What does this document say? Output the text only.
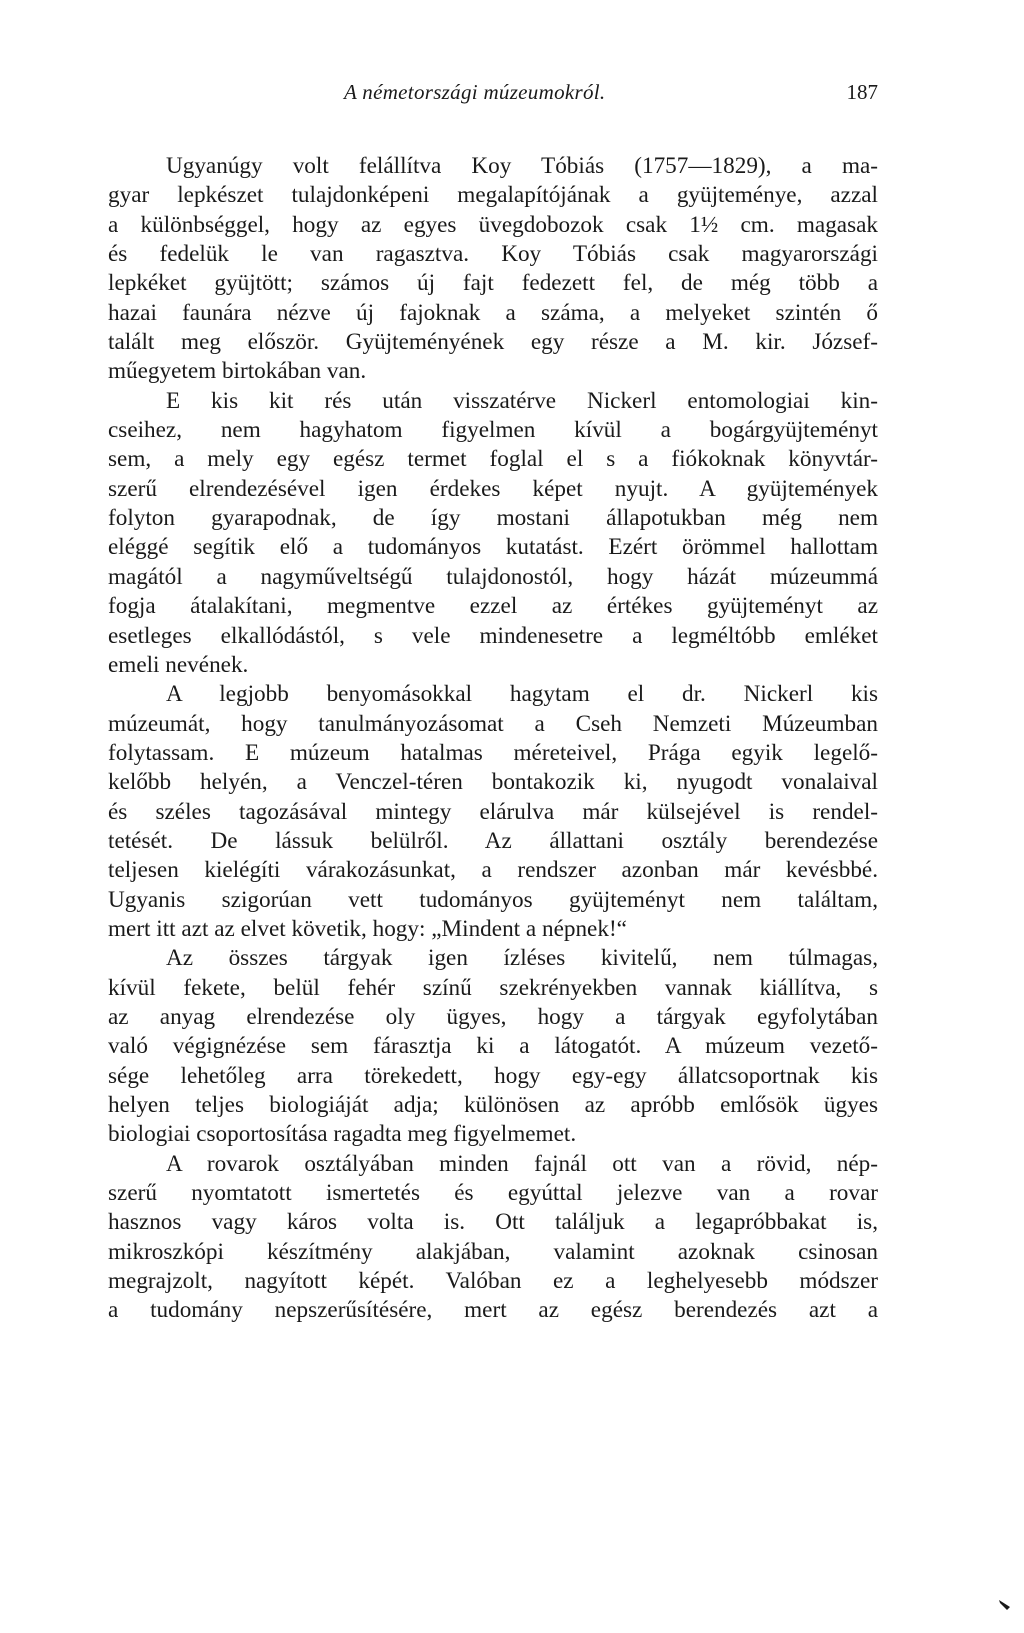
A németországi múzeumokról.	187

Ugyanúgy volt felállítva Koy Tóbiás (1757—1829), a ma-
gyar lepkészet tulajdonképeni megalapítójának a gyüjteménye, azzal
a különbséggel, hogy az egyes üvegdobozok csak 1½ cm. magasak
és fedelük le van ragasztva. Koy Tóbiás csak magyarországi
lepkéket gyüjtött; számos új fajt fedezett fel, de még több a
hazai faunára nézve új fajoknak a száma, a melyeket szintén ő
talált meg először. Gyüjteményének egy része a M. kir. József-
műegyetem birtokában van.

E kis kit rés után visszatérve Nickerl entomologiai kin-
cseihez, nem hagyhatom figyelmen kívül a bogárgyüjteményt
sem, a mely egy egész termet foglal el s a fiókoknak könyvtár-
szerű elrendezésével igen érdekes képet nyujt. A gyüjtemények
folyton gyarapodnak, de így mostani állapotukban még nem
eléggé segítik elő a tudományos kutatást. Ezért örömmel hallottam
magától a nagyműveltségű tulajdonostól, hogy házát múzeummá
fogja átalakítani, megmentve ezzel az értékes gyüjteményt az
esetleges elkallódástól, s vele mindenesetre a legméltóbb emléket
emeli nevének.

A legjobb benyomásokkal hagytam el dr. Nickerl kis
múzeumát, hogy tanulmányozásomat a Cseh Nemzeti Múzeumban
folytassam. E múzeum hatalmas méreteivel, Prága egyik legelő-
kelőbb helyén, a Venczel-téren bontakozik ki, nyugodt vonalaival
és széles tagozásával mintegy elárulva már külsejével is rendel-
tetését. De lássuk belülről. Az állattani osztály berendezése
teljesen kielégíti várakozásunkat, a rendszer azonban már kevésbbé.
Ugyanis szigorúan vett tudományos gyüjteményt nem találtam,
mert itt azt az elvet követik, hogy: „Mindent a népnek!“

Az összes tárgyak igen ízléses kivitelű, nem túlmagas,
kívül fekete, belül fehér színű szekrényekben vannak kiállítva, s
az anyag elrendezése oly ügyes, hogy a tárgyak egyfolytában
való végignézése sem fárasztja ki a látogatót. A múzeum vezető-
sége lehetőleg arra törekedett, hogy egy-egy állatcsoportnak kis
helyen teljes biologiáját adja; különösen az apróbb emlősök ügyes
biologiai csoportosítása ragadta meg figyelmemet.

A rovarok osztályában minden fajnál ott van a rövid, nép-
szerű nyomtatott ismertetés és egyúttal jelezve van a rovar
hasznos vagy káros volta is. Ott találjuk a legapróbbakat is,
mikroszkópi készítmény alakjában, valamint azoknak csinosan
megrajzolt, nagyított képét. Valóban ez a leghelyesebb módszer
a tudomány nepszerűsítésére, mert az egész berendezés azt a
